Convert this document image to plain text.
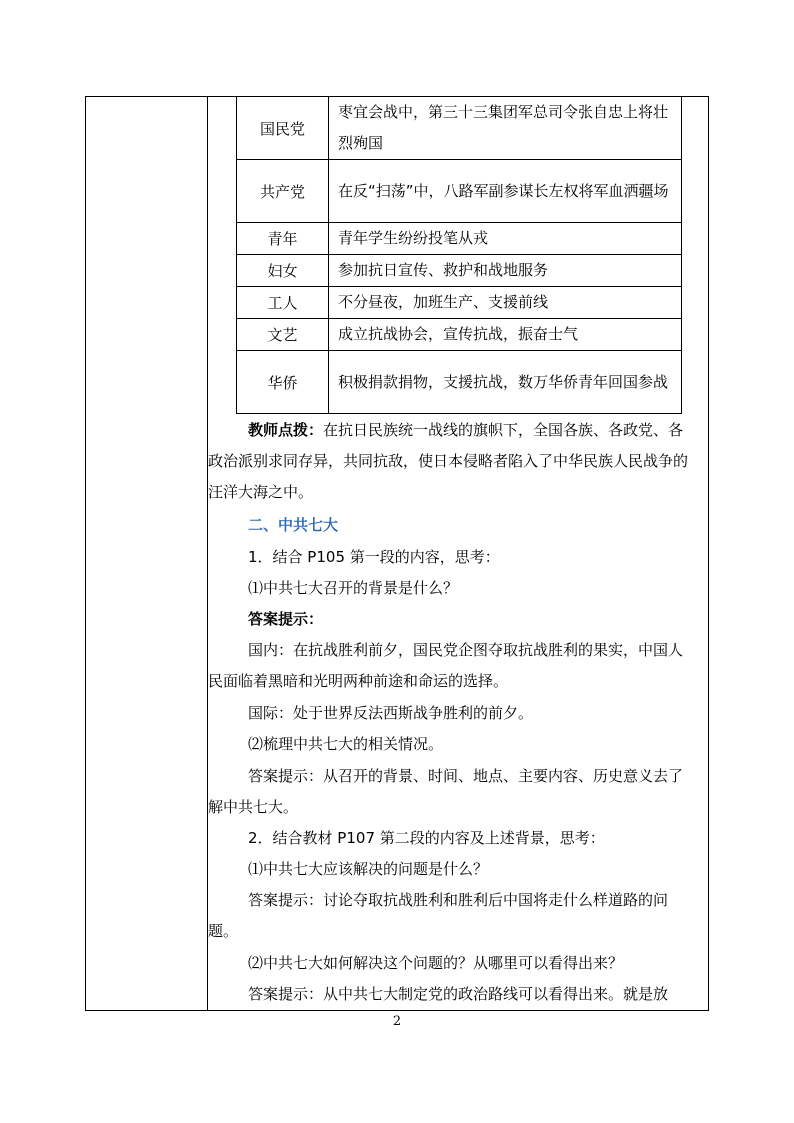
国民党	枣宜会战中，第三十三集团军总司令张自忠上将壮烈殉国
共产党	在反“扫荡”中，八路军副参谋长左权将军血洒疆场
青年	青年学生纷纷投笔从戎
妇女	参加抗日宣传、救护和战地服务
工人	不分昼夜，加班生产、支援前线
文艺	成立抗战协会，宣传抗战，振奋士气
华侨	积极捐款捐物，支援抗战，数万华侨青年回国参战
教师点拨：在抗日民族统一战线的旗帜下，全国各族、各政党、各政治派别求同存异，共同抗敌，使日本侵略者陷入了中华民族人民战争的汪洋大海之中。
二、中共七大
1．结合 P105 第一段的内容，思考：
⑴中共七大召开的背景是什么？
答案提示：
国内：在抗战胜利前夕，国民党企图夺取抗战胜利的果实，中国人民面临着黑暗和光明两种前途和命运的选择。
国际：处于世界反法西斯战争胜利的前夕。
⑵梳理中共七大的相关情况。
答案提示：从召开的背景、时间、地点、主要内容、历史意义去了解中共七大。
2．结合教材 P107 第二段的内容及上述背景，思考：
⑴中共七大应该解决的问题是什么？
答案提示：讨论夺取抗战胜利和胜利后中国将走什么样道路的问题。
⑵中共七大如何解决这个问题的？从哪里可以看得出来？
答案提示：从中共七大制定党的政治路线可以看得出来。就是放
2
